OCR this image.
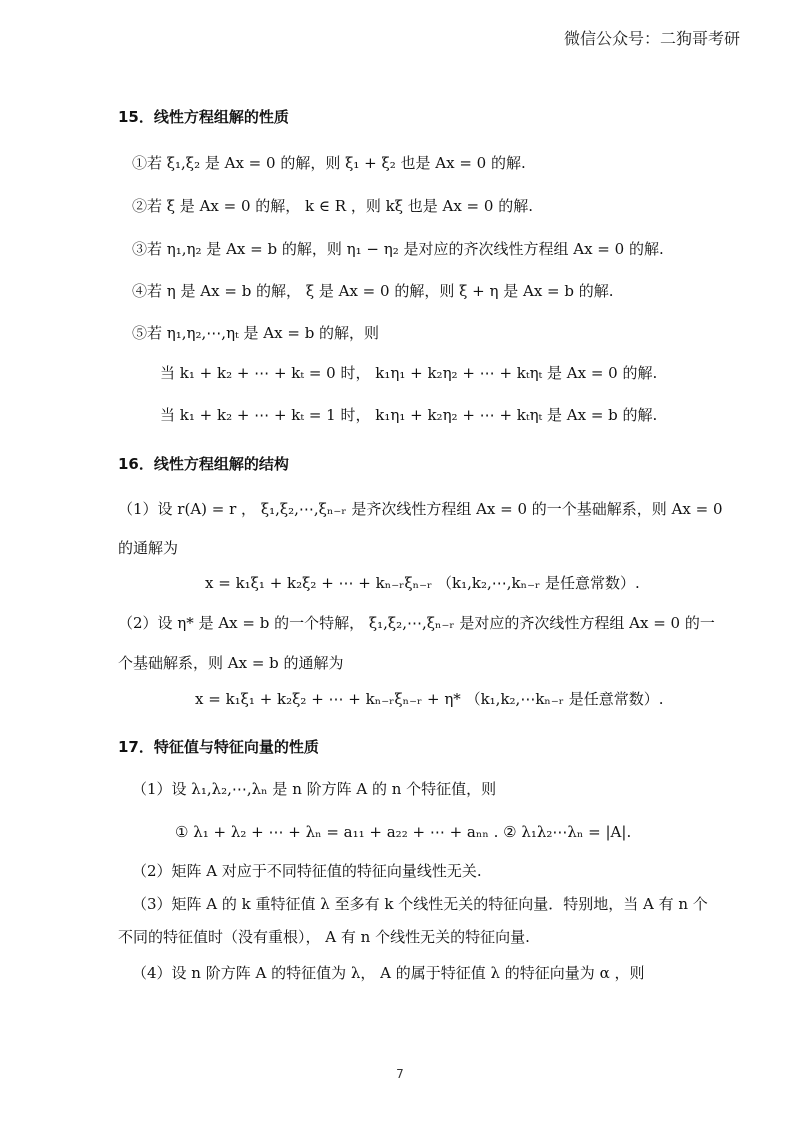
微信公众号：二狗哥考研
15．线性方程组解的性质
①若 ξ₁,ξ₂ 是 Ax = 0 的解，则 ξ₁ + ξ₂ 也是 Ax = 0 的解.
②若 ξ 是 Ax = 0 的解， k ∈ R ，则 kξ 也是 Ax = 0 的解.
③若 η₁,η₂ 是 Ax = b 的解，则 η₁ − η₂ 是对应的齐次线性方程组 Ax = 0 的解.
④若 η 是 Ax = b 的解， ξ 是 Ax = 0 的解，则 ξ + η 是 Ax = b 的解.
⑤若 η₁,η₂,⋯,ηₜ 是 Ax = b 的解，则
当 k₁ + k₂ + ⋯ + kₜ = 0 时， k₁η₁ + k₂η₂ + ⋯ + kₜηₜ 是 Ax = 0 的解.
当 k₁ + k₂ + ⋯ + kₜ = 1 时， k₁η₁ + k₂η₂ + ⋯ + kₜηₜ 是 Ax = b 的解.
16．线性方程组解的结构
（1）设 r(A) = r ， ξ₁,ξ₂,⋯,ξₙ₋ᵣ 是齐次线性方程组 Ax = 0 的一个基础解系，则 Ax = 0
的通解为
x = k₁ξ₁ + k₂ξ₂ + ⋯ + kₙ₋ᵣξₙ₋ᵣ （k₁,k₂,⋯,kₙ₋ᵣ 是任意常数）.
（2）设 η* 是 Ax = b 的一个特解， ξ₁,ξ₂,⋯,ξₙ₋ᵣ 是对应的齐次线性方程组 Ax = 0 的一
个基础解系，则 Ax = b 的通解为
x = k₁ξ₁ + k₂ξ₂ + ⋯ + kₙ₋ᵣξₙ₋ᵣ + η* （k₁,k₂,⋯kₙ₋ᵣ 是任意常数）.
17．特征值与特征向量的性质
（1）设 λ₁,λ₂,⋯,λₙ 是 n 阶方阵 A 的 n 个特征值，则
① λ₁ + λ₂ + ⋯ + λₙ = a₁₁ + a₂₂ + ⋯ + aₙₙ . ② λ₁λ₂⋯λₙ = |A|.
（2）矩阵 A 对应于不同特征值的特征向量线性无关.
（3）矩阵 A 的 k 重特征值 λ 至多有 k 个线性无关的特征向量．特别地，当 A 有 n 个
不同的特征值时（没有重根）， A 有 n 个线性无关的特征向量.
（4）设 n 阶方阵 A 的特征值为 λ， A 的属于特征值 λ 的特征向量为 α ，则
7
